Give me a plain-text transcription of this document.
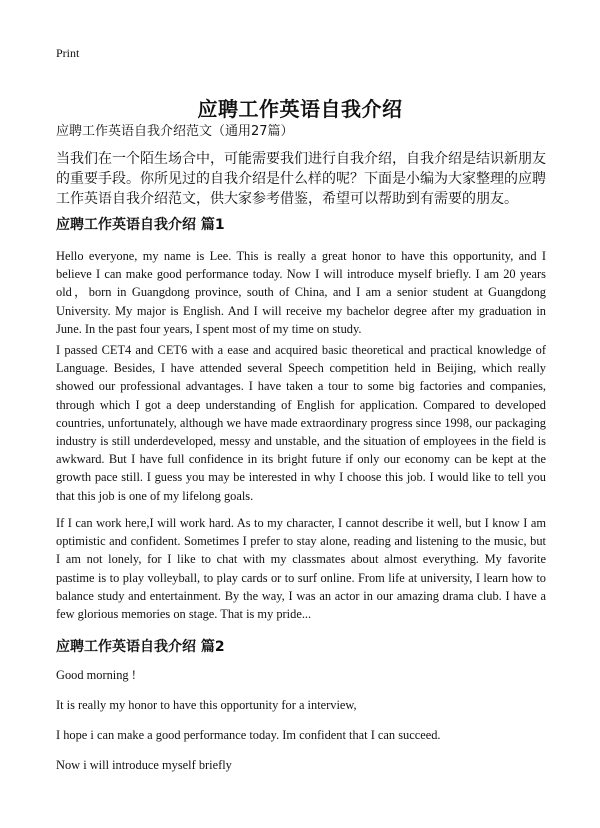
Print
应聘工作英语自我介绍
应聘工作英语自我介绍范文（通用27篇）

当我们在一个陌生场合中，可能需要我们进行自我介绍，自我介绍是结识新朋友的重要手段。你所见过的自我介绍是什么样的呢？下面是小编为大家整理的应聘工作英语自我介绍范文，供大家参考借鉴，希望可以帮助到有需要的朋友。

应聘工作英语自我介绍 篇1

Hello everyone, my name is Lee. This is really a great honor to have this opportunity, and I believe I can make good performance today. Now I will introduce myself briefly. I am 20 years old，born in Guangdong province, south of China, and I am a senior student at Guangdong University. My major is English. And I will receive my bachelor degree after my graduation in June. In the past four years, I spent most of my time on study.

I passed CET4 and CET6 with a ease and acquired basic theoretical and practical knowledge of Language. Besides, I have attended several Speech competition held in Beijing, which really showed our professional advantages. I have taken a tour to some big factories and companies, through which I got a deep understanding of English for application. Compared to developed countries, unfortunately, although we have made extraordinary progress since 1998, our packaging industry is still underdeveloped, messy and unstable, and the situation of employees in the field is awkward. But I have full confidence in its bright future if only our economy can be kept at the growth pace still. I guess you may be interested in why I choose this job. I would like to tell you that this job is one of my lifelong goals.

If I can work here,I will work hard. As to my character, I cannot describe it well, but I know I am optimistic and confident. Sometimes I prefer to stay alone, reading and listening to the music, but I am not lonely, for I like to chat with my classmates about almost everything. My favorite pastime is to play volleyball, to play cards or to surf online. From life at university, I learn how to balance study and entertainment. By the way, I was an actor in our amazing drama club. I have a few glorious memories on stage. That is my pride...

应聘工作英语自我介绍 篇2

Good morning !

It is really my honor to have this opportunity for a interview,

I hope i can make a good performance today. Im confident that I can succeed.

Now i will introduce myself briefly
